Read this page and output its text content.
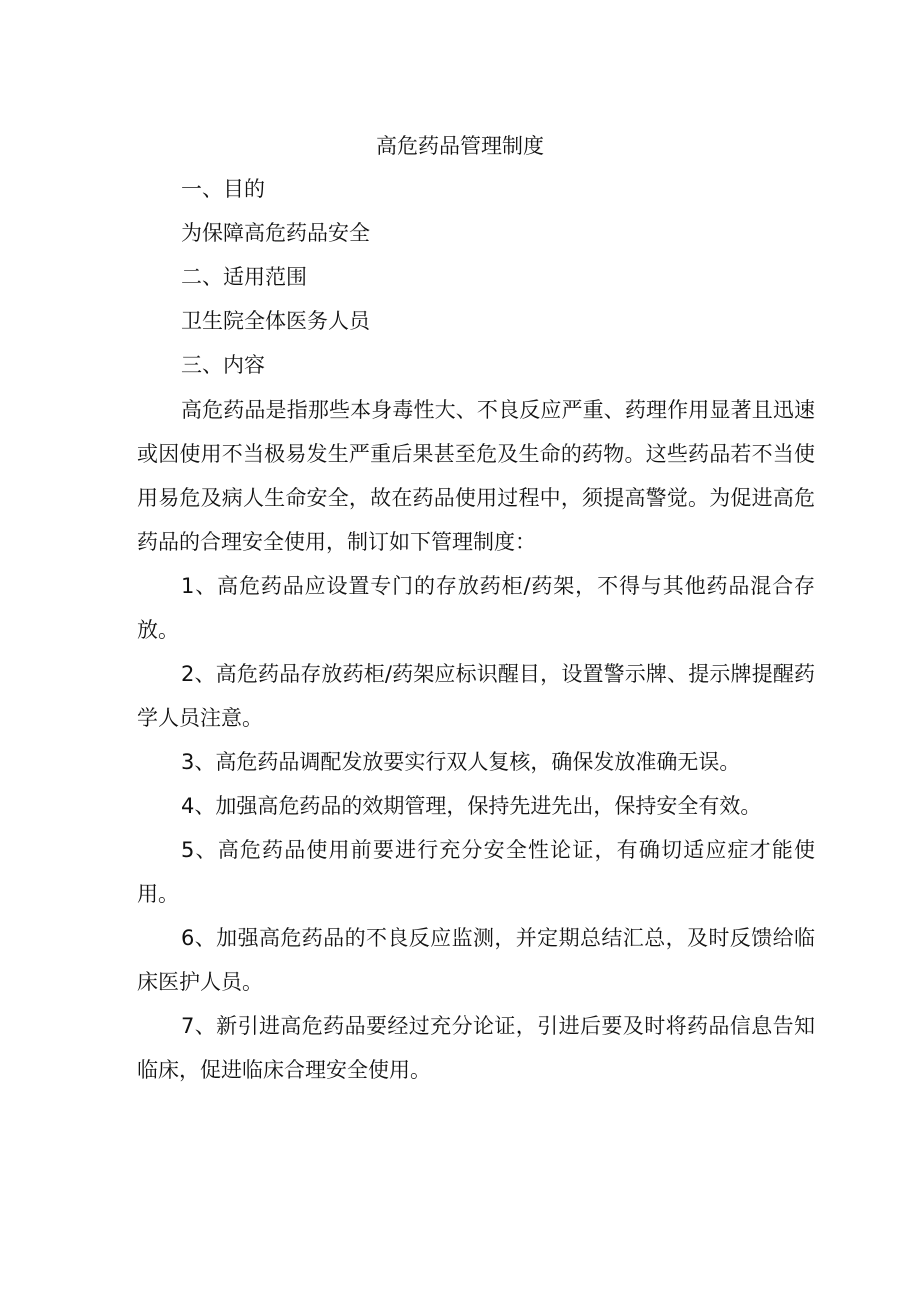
高危药品管理制度
一、目的
为保障高危药品安全
二、适用范围
卫生院全体医务人员
三、内容

高危药品是指那些本身毒性大、不良反应严重、药理作用显著且迅速或因使用不当极易发生严重后果甚至危及生命的药物。这些药品若不当使用易危及病人生命安全，故在药品使用过程中，须提高警觉。为促进高危药品的合理安全使用，制订如下管理制度：

1、高危药品应设置专门的存放药柜/药架，不得与其他药品混合存放。

2、高危药品存放药柜/药架应标识醒目，设置警示牌、提示牌提醒药学人员注意。

3、高危药品调配发放要实行双人复核，确保发放准确无误。

4、加强高危药品的效期管理，保持先进先出，保持安全有效。

5、高危药品使用前要进行充分安全性论证，有确切适应症才能使用。

6、加强高危药品的不良反应监测，并定期总结汇总，及时反馈给临床医护人员。

7、新引进高危药品要经过充分论证，引进后要及时将药品信息告知临床，促进临床合理安全使用。
